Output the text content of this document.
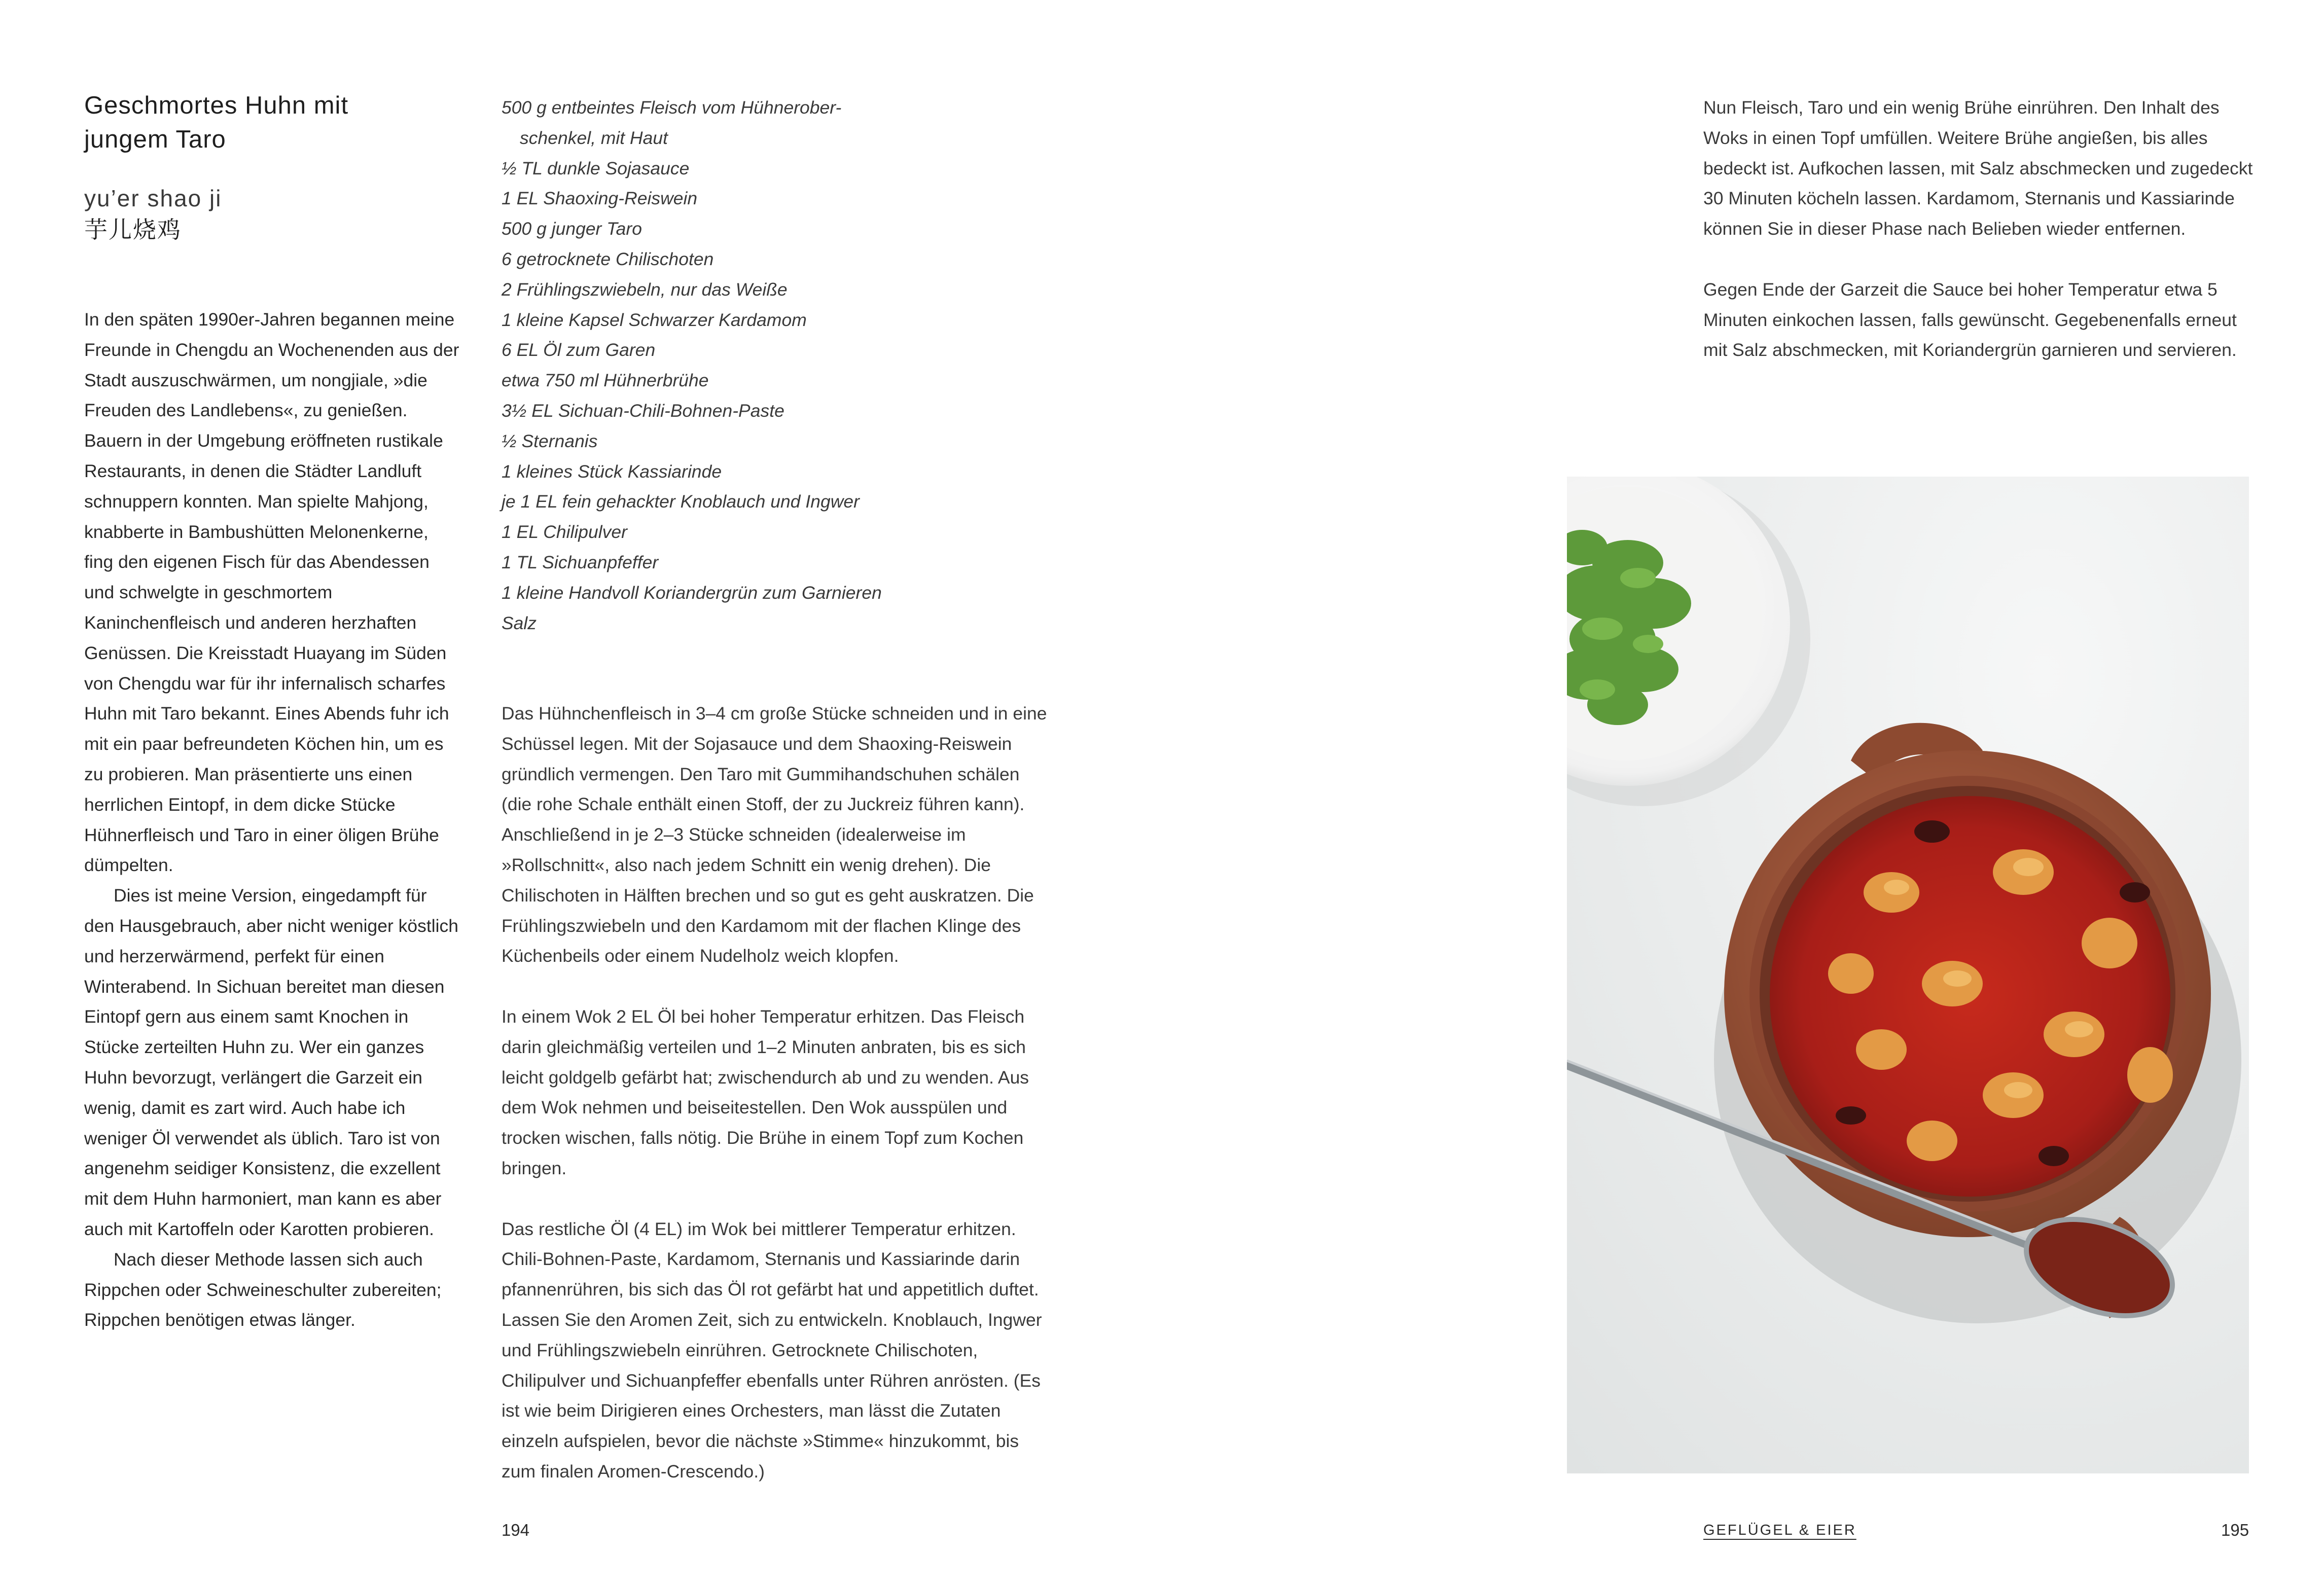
Geschmortes Huhn mit
jungem Taro
yu’er shao ji
芋儿烧鸡

In den späten 1990er-Jahren begannen meine Freunde in Chengdu an Wochenenden aus der Stadt auszuschwärmen, um nongjiale, »die Freuden des Landlebens«, zu genießen. Bauern in der Umgebung eröffneten rustikale Restaurants, in denen die Städter Landluft schnuppern konnten. Man spielte Mahjong, knabberte in Bambushütten Melonenkerne, fing den eigenen Fisch für das Abendessen und schwelgte in geschmortem Kaninchenfleisch und anderen herzhaften Genüssen. Die Kreisstadt Huayang im Süden von Chengdu war für ihr infernalisch scharfes Huhn mit Taro bekannt. Eines Abends fuhr ich mit ein paar befreundeten Köchen hin, um es zu probieren. Man präsentierte uns einen herrlichen Eintopf, in dem dicke Stücke Hühnerfleisch und Taro in einer öligen Brühe dümpelten.

Dies ist meine Version, eingedampft für den Hausgebrauch, aber nicht weniger köstlich und herzerwärmend, perfekt für einen Winterabend. In Sichuan bereitet man diesen Eintopf gern aus einem samt Knochen in Stücke zerteilten Huhn zu. Wer ein ganzes Huhn bevorzugt, verlängert die Garzeit ein wenig, damit es zart wird. Auch habe ich weniger Öl verwendet als üblich. Taro ist von angenehm seidiger Konsistenz, die exzellent mit dem Huhn harmoniert, man kann es aber auch mit Kartoffeln oder Karotten probieren.

Nach dieser Methode lassen sich auch Rippchen oder Schweineschulter zubereiten; Rippchen benötigen etwas länger.

500 g entbeintes Fleisch vom Hühnerober-
schenkel, mit Haut
½ TL dunkle Sojasauce
1 EL Shaoxing-Reiswein
500 g junger Taro
6 getrocknete Chilischoten
2 Frühlingszwiebeln, nur das Weiße
1 kleine Kapsel Schwarzer Kardamom
6 EL Öl zum Garen
etwa 750 ml Hühnerbrühe
3½ EL Sichuan-Chili-Bohnen-Paste
½ Sternanis
1 kleines Stück Kassiarinde
je 1 EL fein gehackter Knoblauch und Ingwer
1 EL Chilipulver
1 TL Sichuanpfeffer
1 kleine Handvoll Koriandergrün zum Garnieren
Salz

Das Hühnchenfleisch in 3–4 cm große Stücke schneiden und in eine Schüssel legen. Mit der Sojasauce und dem Shaoxing-Reiswein gründlich vermengen. Den Taro mit Gummihandschuhen schälen (die rohe Schale enthält einen Stoff, der zu Juckreiz führen kann). Anschließend in je 2–3 Stücke schneiden (idealerweise im »Rollschnitt«, also nach jedem Schnitt ein wenig drehen). Die Chilischoten in Hälften brechen und so gut es geht auskratzen. Die Frühlingszwiebeln und den Kardamom mit der flachen Klinge des Küchenbeils oder einem Nudelholz weich klopfen.

In einem Wok 2 EL Öl bei hoher Temperatur erhitzen. Das Fleisch darin gleichmäßig verteilen und 1–2 Minuten anbraten, bis es sich leicht goldgelb gefärbt hat; zwischendurch ab und zu wenden. Aus dem Wok nehmen und beiseitestellen. Den Wok ausspülen und trocken wischen, falls nötig. Die Brühe in einem Topf zum Kochen bringen.

Das restliche Öl (4 EL) im Wok bei mittlerer Temperatur erhitzen. Chili-Bohnen-Paste, Kardamom, Sternanis und Kassiarinde darin pfannenrühren, bis sich das Öl rot gefärbt hat und appetitlich duftet. Lassen Sie den Aromen Zeit, sich zu entwickeln. Knoblauch, Ingwer und Frühlingszwiebeln einrühren. Getrocknete Chilischoten, Chilipulver und Sichuanpfeffer ebenfalls unter Rühren anrösten. (Es ist wie beim Dirigieren eines Orchesters, man lässt die Zutaten einzeln aufspielen, bevor die nächste »Stimme« hinzukommt, bis zum finalen Aromen-Crescendo.)

Nun Fleisch, Taro und ein wenig Brühe einrühren. Den Inhalt des Woks in einen Topf umfüllen. Weitere Brühe angießen, bis alles bedeckt ist. Aufkochen lassen, mit Salz abschmecken und zugedeckt 30 Minuten köcheln lassen. Kardamom, Sternanis und Kassiarinde können Sie in dieser Phase nach Belieben wieder entfernen.

Gegen Ende der Garzeit die Sauce bei hoher Temperatur etwa 5 Minuten einkochen lassen, falls gewünscht. Gegebenenfalls erneut mit Salz abschmecken, mit Koriandergrün garnieren und servieren.

194	GEFLÜGEL & EIER	195
